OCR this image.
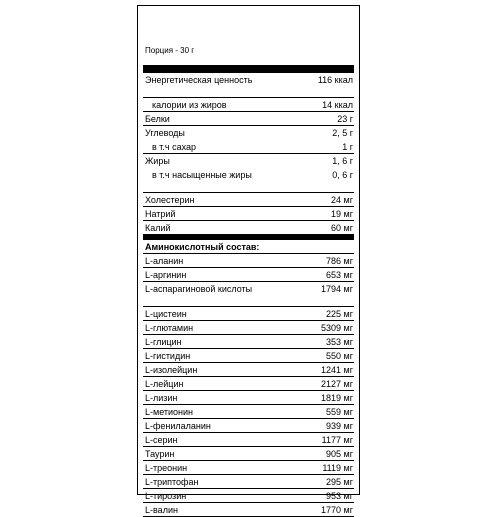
Порция - 30 г
Энергетическая ценность	116 ккал
калории из жиров	14 ккал
Белки	23 г
Углеводы	2, 5 г
в т.ч сахар	1 г
Жиры	1, 6 г
в т.ч насыщенные жиры	0, 6 г
Холестерин	24 мг
Натрий	19 мг
Калий	60 мг
Аминокислотный состав:
L-аланин	786 мг
L-аргинин	653 мг
L-аспарагиновой кислоты	1794 мг
L-цистеин	225 мг
L-глютамин	5309 мг
L-глицин	353 мг
L-гистидин	550 мг
L-изолейцин	1241 мг
L-лейцин	2127 мг
L-лизин	1819 мг
L-метионин	559 мг
L-фенилаланин	939 мг
L-серин	1177 мг
Таурин	905 мг
L-треонин	1119 мг
L-триптофан	295 мг
L-тирозин	953 мг
L-валин	1770 мг
